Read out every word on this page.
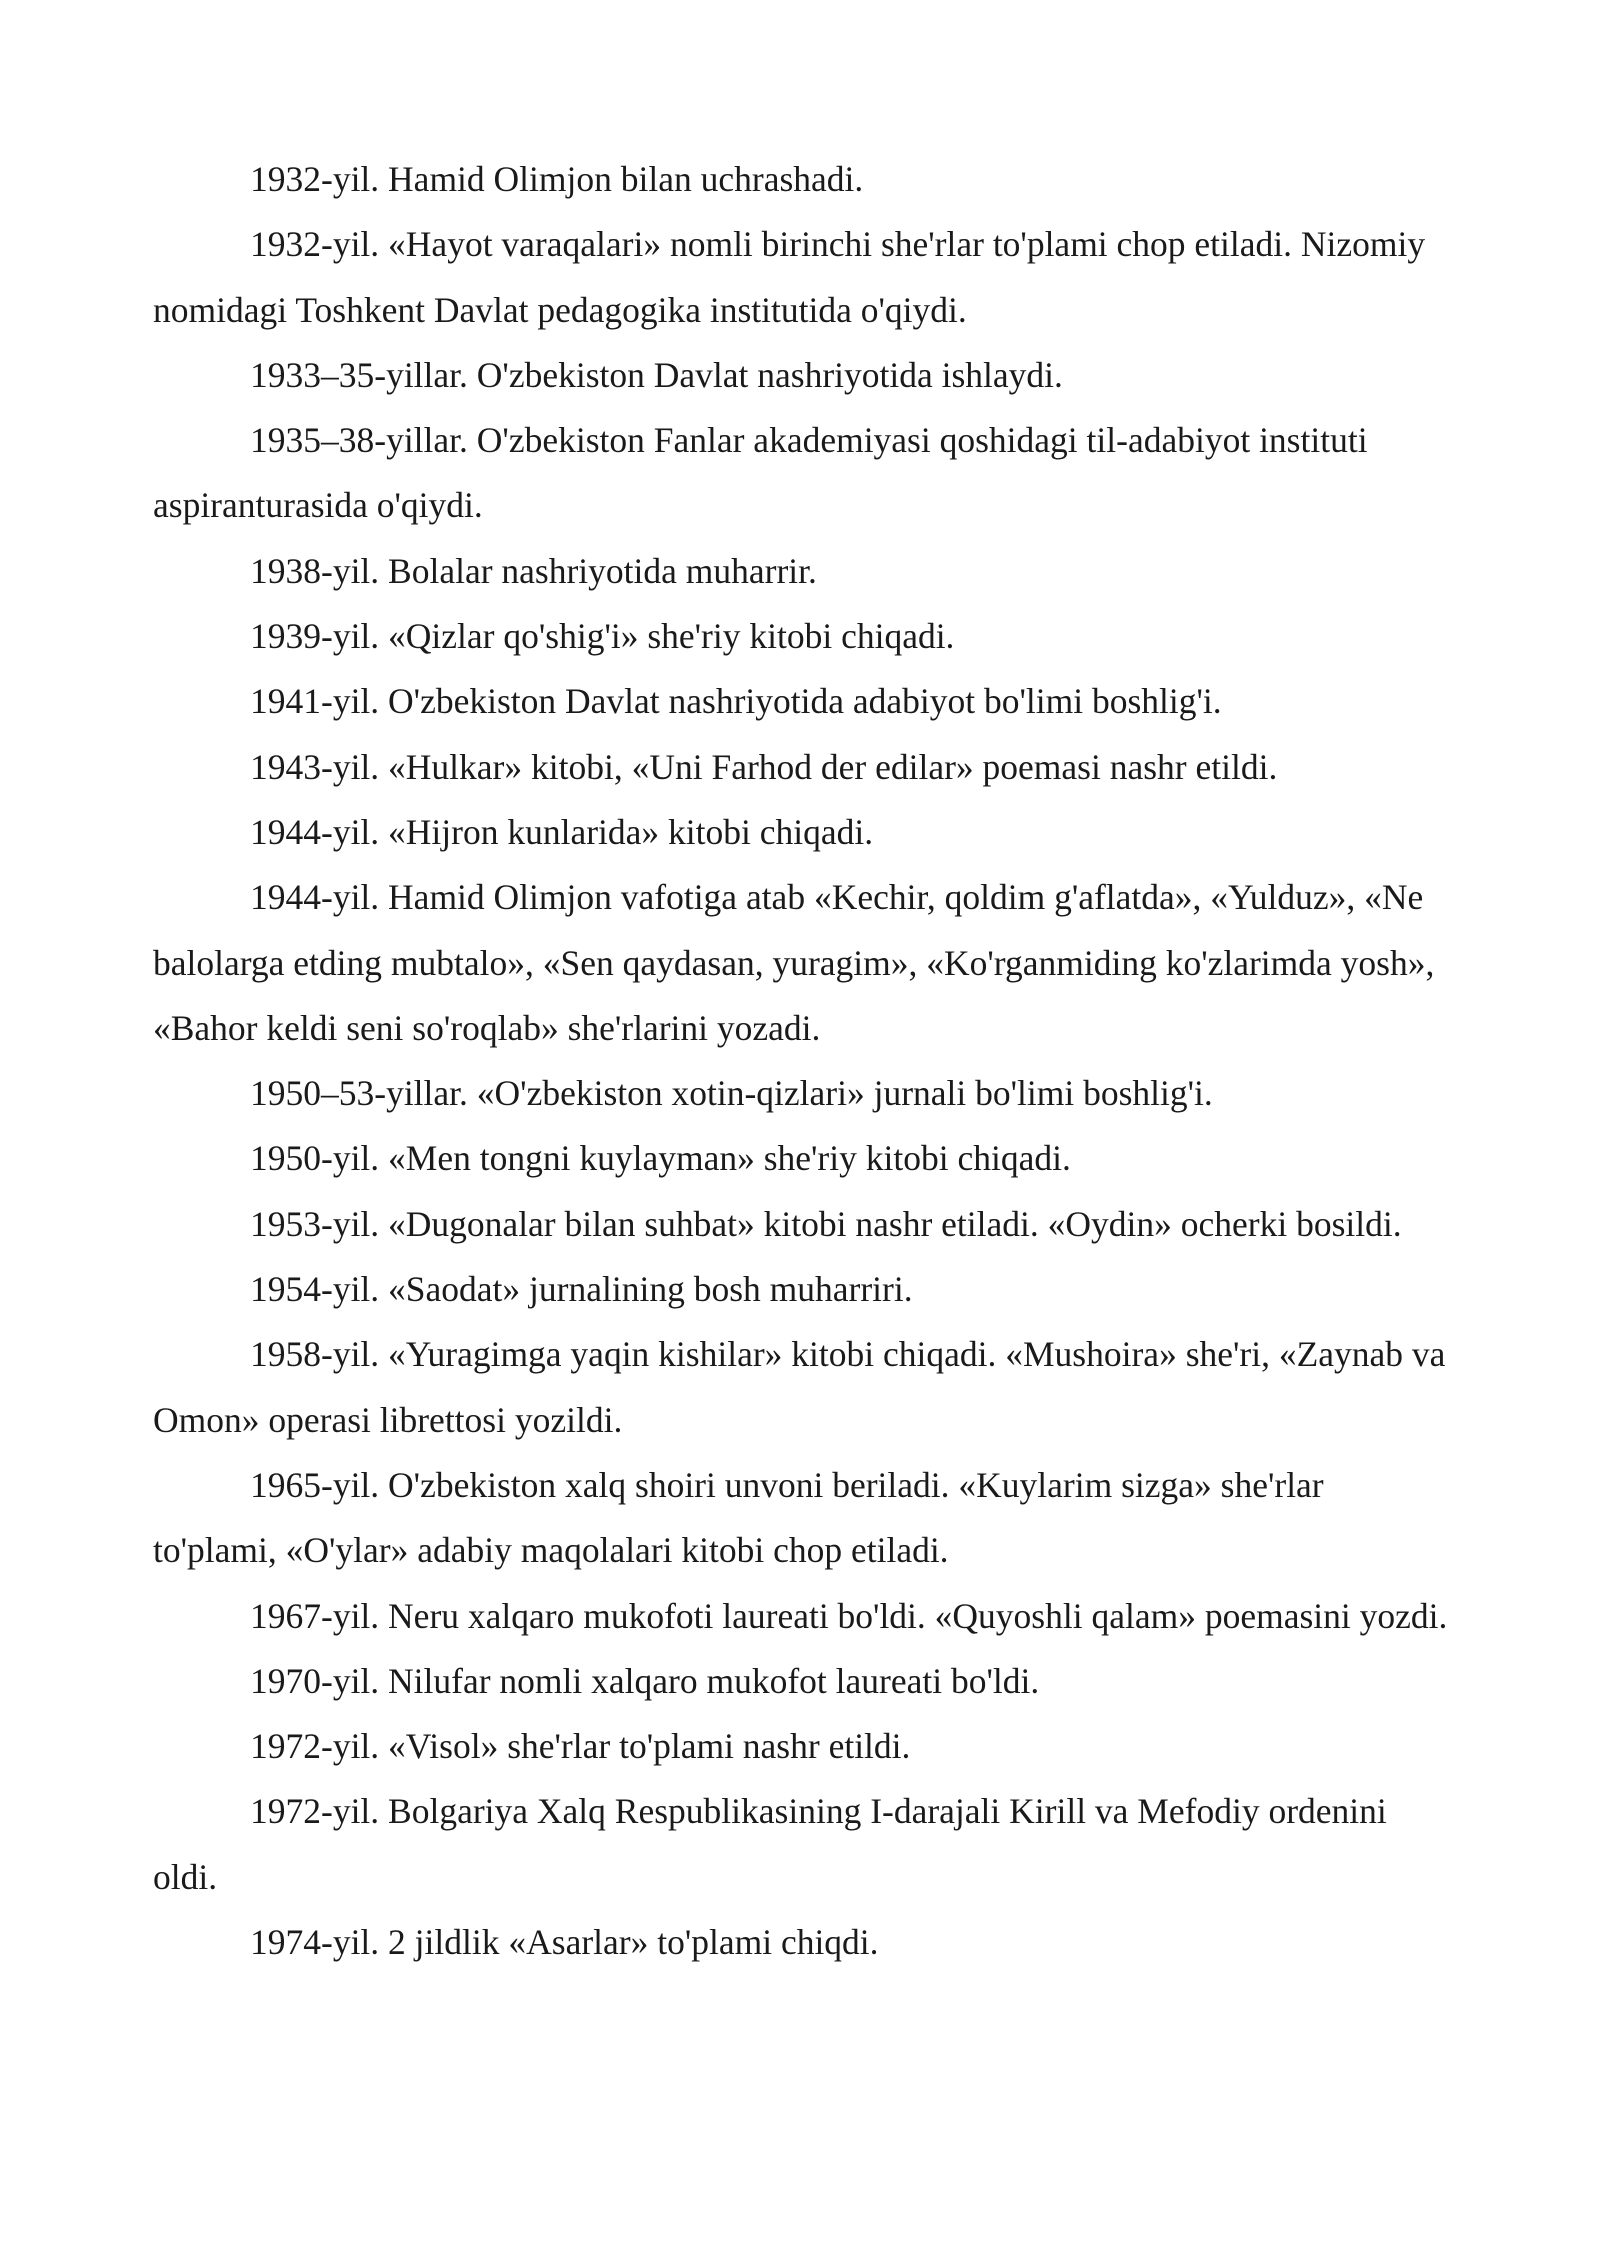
1932-yil. Hamid Olimjon bilan uchrashadi.

1932-yil. «Hayot varaqalari» nomli birinchi she'rlar to'plami chop etiladi. Nizomiy nomidagi Toshkent Davlat pedagogika institutida o'qiydi.

1933–35-yillar. O'zbekiston Davlat nashriyotida ishlaydi.

1935–38-yillar. O'zbekiston Fanlar akademiyasi qoshidagi til-adabiyot instituti aspiranturasida o'qiydi.

1938-yil. Bolalar nashriyotida muharrir.

1939-yil. «Qizlar qo'shig'i» she'riy kitobi chiqadi.

1941-yil. O'zbekiston Davlat nashriyotida adabiyot bo'limi boshlig'i.

1943-yil. «Hulkar» kitobi, «Uni Farhod der edilar» poemasi nashr etildi.

1944-yil. «Hijron kunlarida» kitobi chiqadi.

1944-yil. Hamid Olimjon vafotiga atab «Kechir, qoldim g'aflatda», «Yulduz», «Ne balolarga etding mubtalo», «Sen qaydasan, yuragim», «Ko'rganmiding ko'zlarimda yosh», «Bahor keldi seni so'roqlab» she'rlarini yozadi.

1950–53-yillar. «O'zbekiston xotin-qizlari» jurnali bo'limi boshlig'i.

1950-yil. «Men tongni kuylayman» she'riy kitobi chiqadi.

1953-yil. «Dugonalar bilan suhbat» kitobi nashr etiladi. «Oydin» ocherki bosildi.

1954-yil. «Saodat» jurnalining bosh muharriri.

1958-yil. «Yuragimga yaqin kishilar» kitobi chiqadi. «Mushoira» she'ri, «Zaynab va Omon» operasi librettosi yozildi.

1965-yil. O'zbekiston xalq shoiri unvoni beriladi. «Kuylarim sizga» she'rlar to'plami, «O'ylar» adabiy maqolalari kitobi chop etiladi.

1967-yil. Neru xalqaro mukofoti laureati bo'ldi. «Quyoshli qalam» poemasini yozdi.

1970-yil. Nilufar nomli xalqaro mukofot laureati bo'ldi.

1972-yil. «Visol» she'rlar to'plami nashr etildi.

1972-yil. Bolgariya Xalq Respublikasining I-darajali Kirill va Mefodiy ordenini oldi.

1974-yil. 2 jildlik «Asarlar» to'plami chiqdi.
